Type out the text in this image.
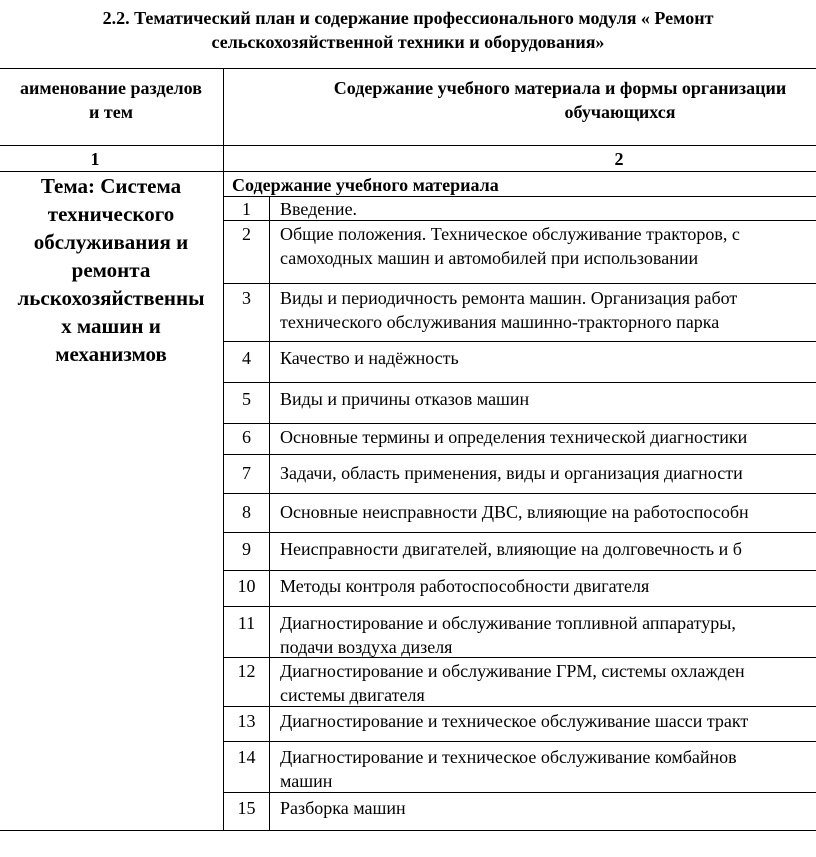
2.2. Тематический план и содержание профессионального модуля « Ремонт
сельскохозяйственной техники и оборудования»
аименование разделов
и тем
Содержание учебного материала и формы организации
обучающихся
1	2
Тема: Система
технического
обслуживания и
ремонта
льскохозяйственны
х машин и
механизмов
Содержание учебного материала
1	Введение.
2	Общие положения. Техническое обслуживание тракторов, с
самоходных машин и автомобилей при использовании
3	Виды и периодичность ремонта машин. Организация работ
технического обслуживания машинно-тракторного парка
4	Качество и надёжность
5	Виды и причины отказов машин
6	Основные термины и определения технической диагностики
7	Задачи, область применения, виды и организация диагности
8	Основные неисправности ДВС, влияющие на работоспособн
9	Неисправности двигателей, влияющие на долговечность и б
10	Методы контроля работоспособности двигателя
11	Диагностирование и обслуживание топливной аппаратуры,
подачи воздуха дизеля
12	Диагностирование и обслуживание ГРМ, системы охлажден
системы двигателя
13	Диагностирование и техническое обслуживание шасси тракт
14	Диагностирование и техническое обслуживание комбайнов
машин
15	Разборка машин
